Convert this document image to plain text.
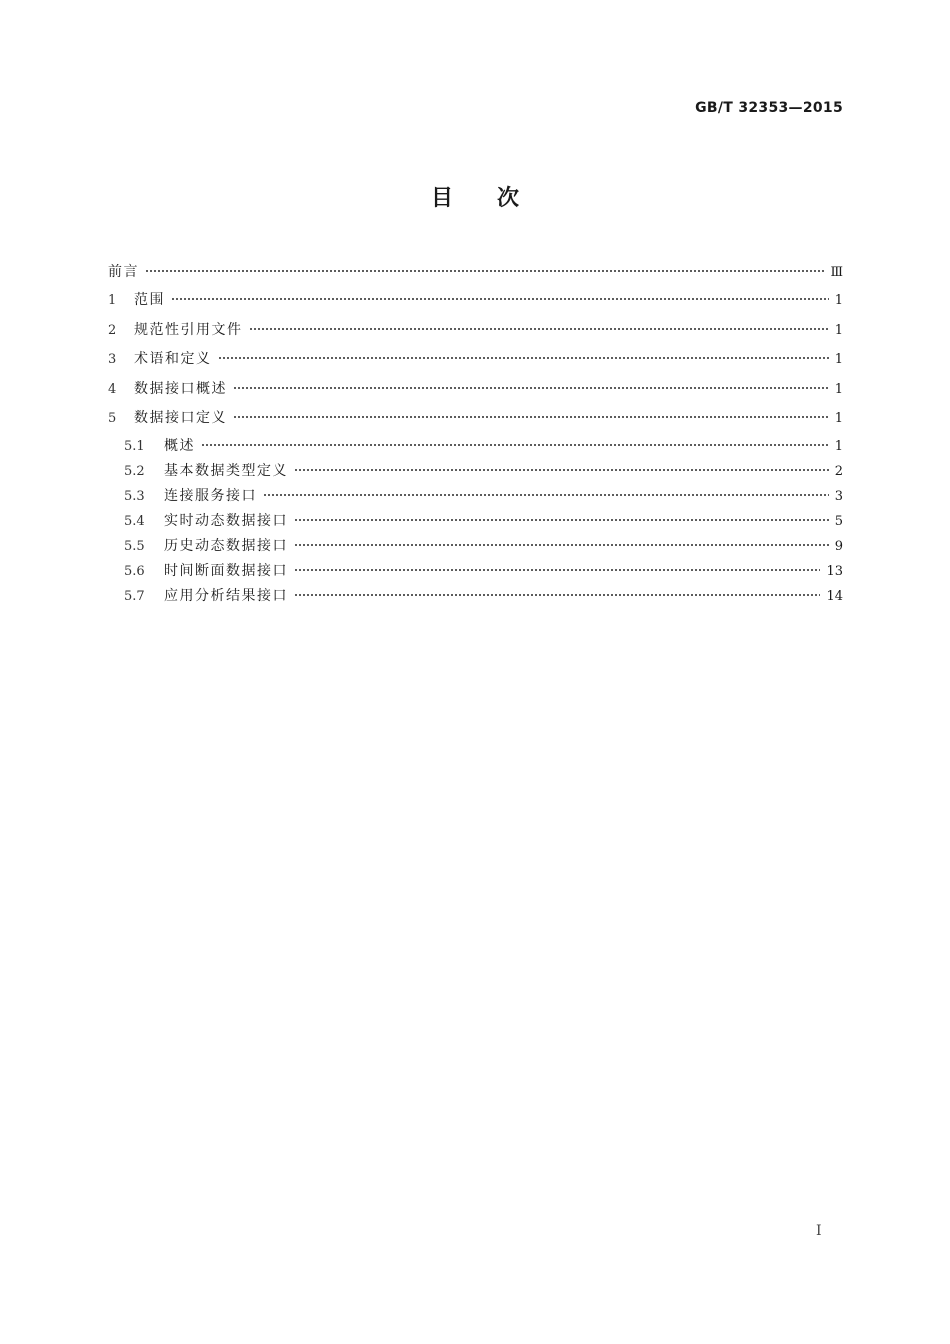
GB/T 32353—2015
目次
前言	Ⅲ
1	范围	1
2	规范性引用文件	1
3	术语和定义	1
4	数据接口概述	1
5	数据接口定义	1
5.1	概述	1
5.2	基本数据类型定义	2
5.3	连接服务接口	3
5.4	实时动态数据接口	5
5.5	历史动态数据接口	9
5.6	时间断面数据接口	13
5.7	应用分析结果接口	14
I
